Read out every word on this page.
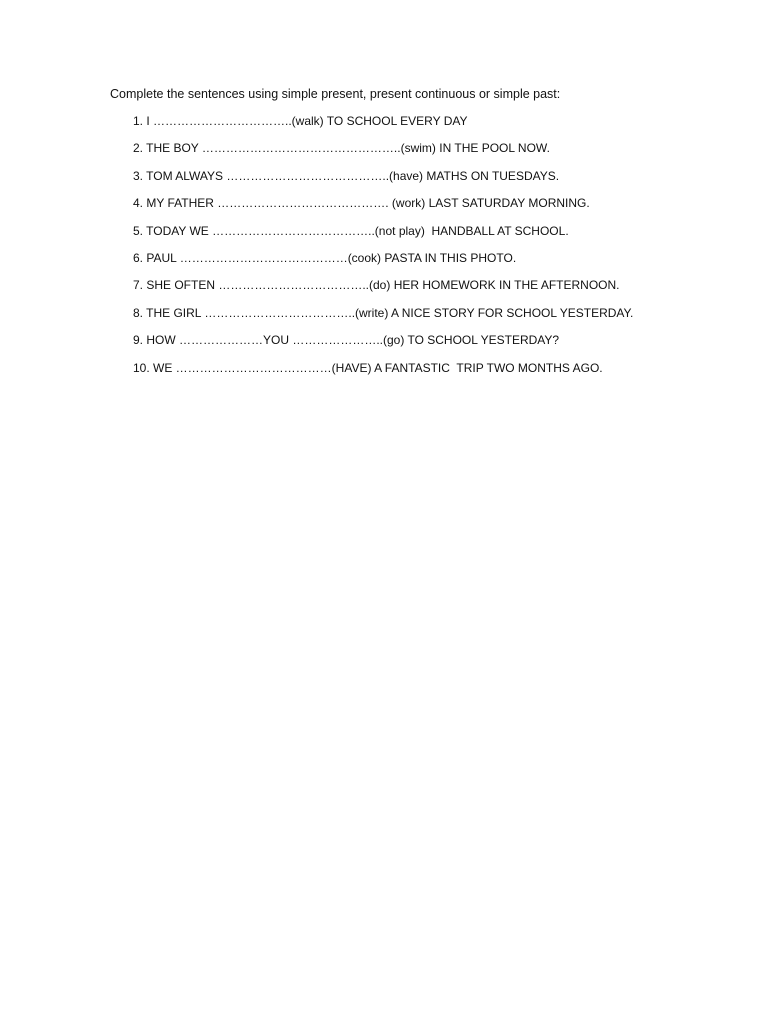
Complete the sentences using simple present, present continuous or simple past:
1. I ……………………………..(walk) TO SCHOOL EVERY DAY
2. THE BOY …………………………………………..(swim) IN THE POOL NOW.
3. TOM ALWAYS …………………………………..(have) MATHS ON TUESDAYS.
4. MY FATHER ……………………………………. (work) LAST SATURDAY MORNING.
5. TODAY WE …………………………………..(not play)  HANDBALL AT SCHOOL.
6. PAUL ……………………………………(cook) PASTA IN THIS PHOTO.
7. SHE OFTEN ………………………………..(do) HER HOMEWORK IN THE AFTERNOON.
8. THE GIRL ………………………………..(write) A NICE STORY FOR SCHOOL YESTERDAY.
9. HOW …………………YOU …………………..(go) TO SCHOOL YESTERDAY?
10. WE …………………………………(HAVE) A FANTASTIC  TRIP TWO MONTHS AGO.
